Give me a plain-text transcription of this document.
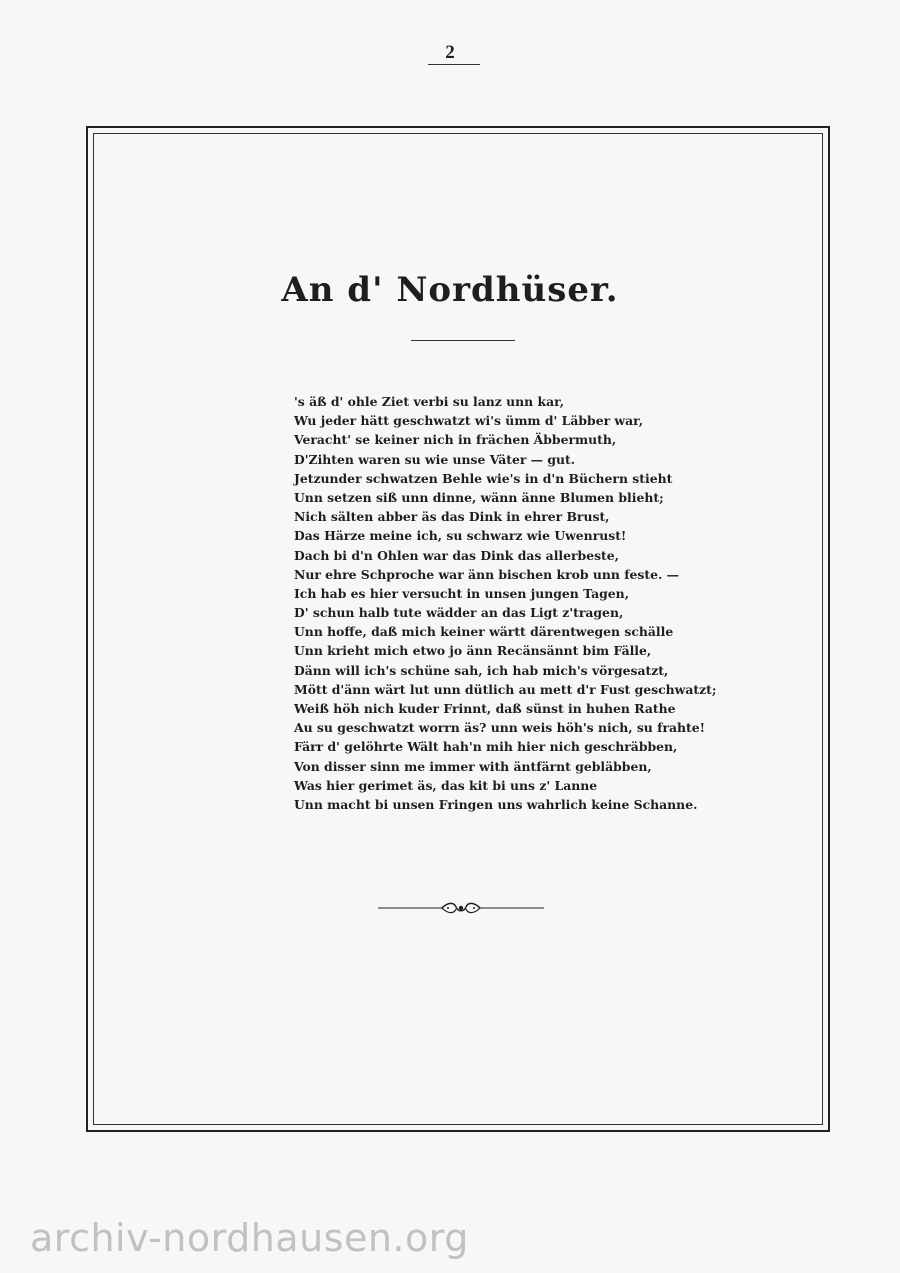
2
An d' Nordhüser.
's äß d' ohle Ziet verbi su lanz unn kar,
Wu jeder hätt geschwatzt wi's ümm d' Läbber war,
Veracht' se keiner nich in frächen Äbbermuth,
D'Zihten waren su wie unse Väter — gut.
Jetzunder schwatzen Behle wie's in d'n Büchern stieht
Unn setzen siß unn dinne, wänn änne Blumen blieht;
Nich sälten abber äs das Dink in ehrer Brust,
Das Härze meine ich, su schwarz wie Uwenrust!
Dach bi d'n Ohlen war das Dink das allerbeste,
Nur ehre Schproche war änn bischen krob unn feste. —
Ich hab es hier versucht in unsen jungen Tagen,
D' schun halb tute wädder an das Ligt z'tragen,
Unn hoffe, daß mich keiner wärtt därentwegen schälle
Unn krieht mich etwo jo änn Recänsännt bim Fälle,
Dänn will ich's schüne sah, ich hab mich's vörgesatzt,
Mött d'änn wärt lut unn dütlich au mett d'r Fust geschwatzt;
Weiß höh nich kuder Frinnt, daß sünst in huhen Rathe
Au su geschwatzt worrn äs? unn weis höh's nich, su frahte!
Färr d' gelöhrte Wält hah'n mih hier nich geschräbben,
Von disser sinn me immer with äntfärnt gebläbben,
Was hier gerimet äs, das kit bi uns z' Lanne
Unn macht bi unsen Fringen uns wahrlich keine Schanne.
archiv-nordhausen.org
